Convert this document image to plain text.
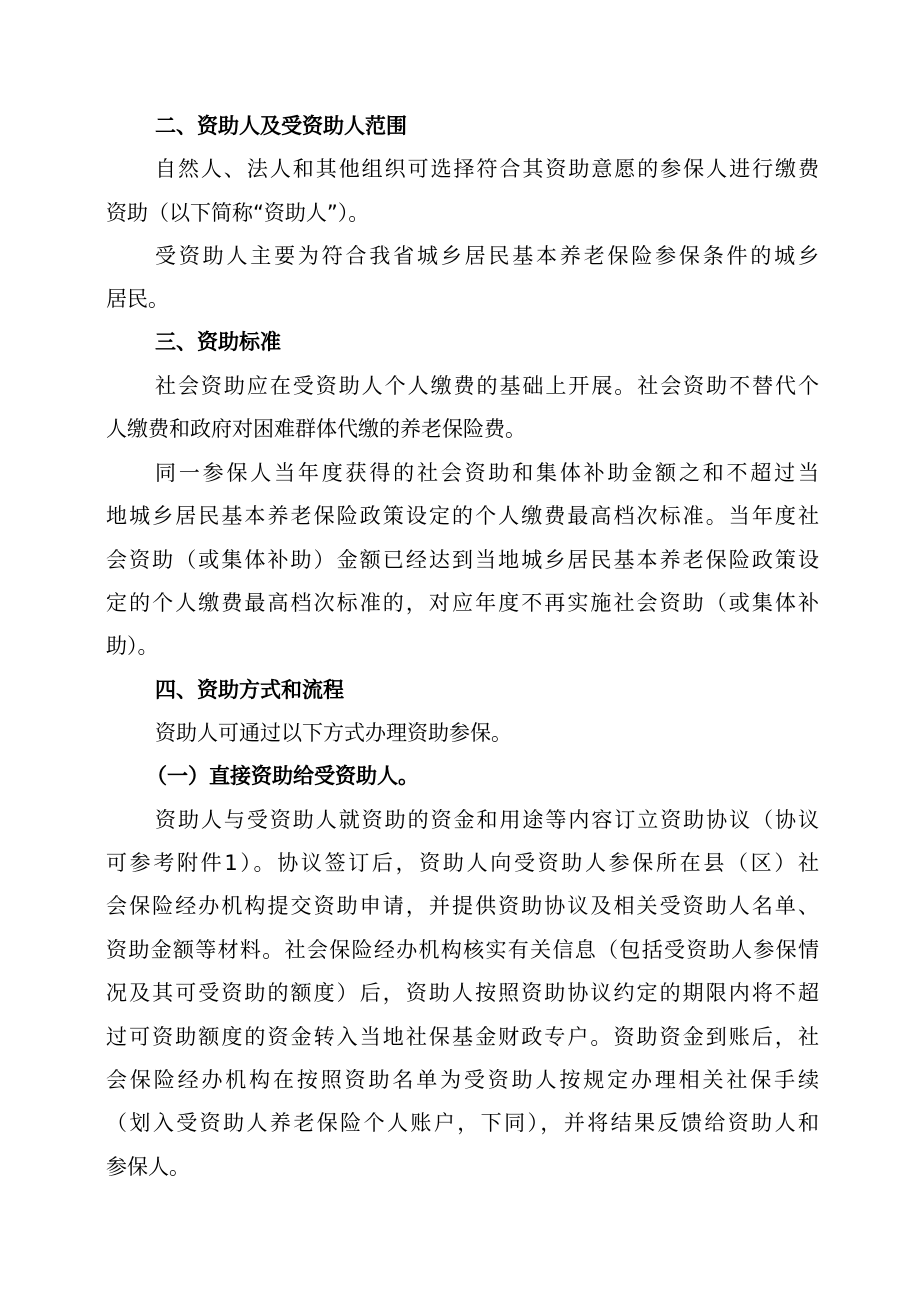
二、资助人及受资助人范围
自然人、法人和其他组织可选择符合其资助意愿的参保人进行缴费
资助（以下简称“资助人”）。
受资助人主要为符合我省城乡居民基本养老保险参保条件的城乡
居民。
三、资助标准
社会资助应在受资助人个人缴费的基础上开展。社会资助不替代个
人缴费和政府对困难群体代缴的养老保险费。
同一参保人当年度获得的社会资助和集体补助金额之和不超过当
地城乡居民基本养老保险政策设定的个人缴费最高档次标准。当年度社
会资助（或集体补助）金额已经达到当地城乡居民基本养老保险政策设
定的个人缴费最高档次标准的，对应年度不再实施社会资助（或集体补
助）。
四、资助方式和流程
资助人可通过以下方式办理资助参保。
（一）直接资助给受资助人。
资助人与受资助人就资助的资金和用途等内容订立资助协议（协议
可参考附件1）。协议签订后，资助人向受资助人参保所在县（区）社
会保险经办机构提交资助申请，并提供资助协议及相关受资助人名单、
资助金额等材料。社会保险经办机构核实有关信息（包括受资助人参保情
况及其可受资助的额度）后，资助人按照资助协议约定的期限内将不超
过可资助额度的资金转入当地社保基金财政专户。资助资金到账后，社
会保险经办机构在按照资助名单为受资助人按规定办理相关社保手续
（划入受资助人养老保险个人账户，下同），并将结果反馈给资助人和
参保人。
